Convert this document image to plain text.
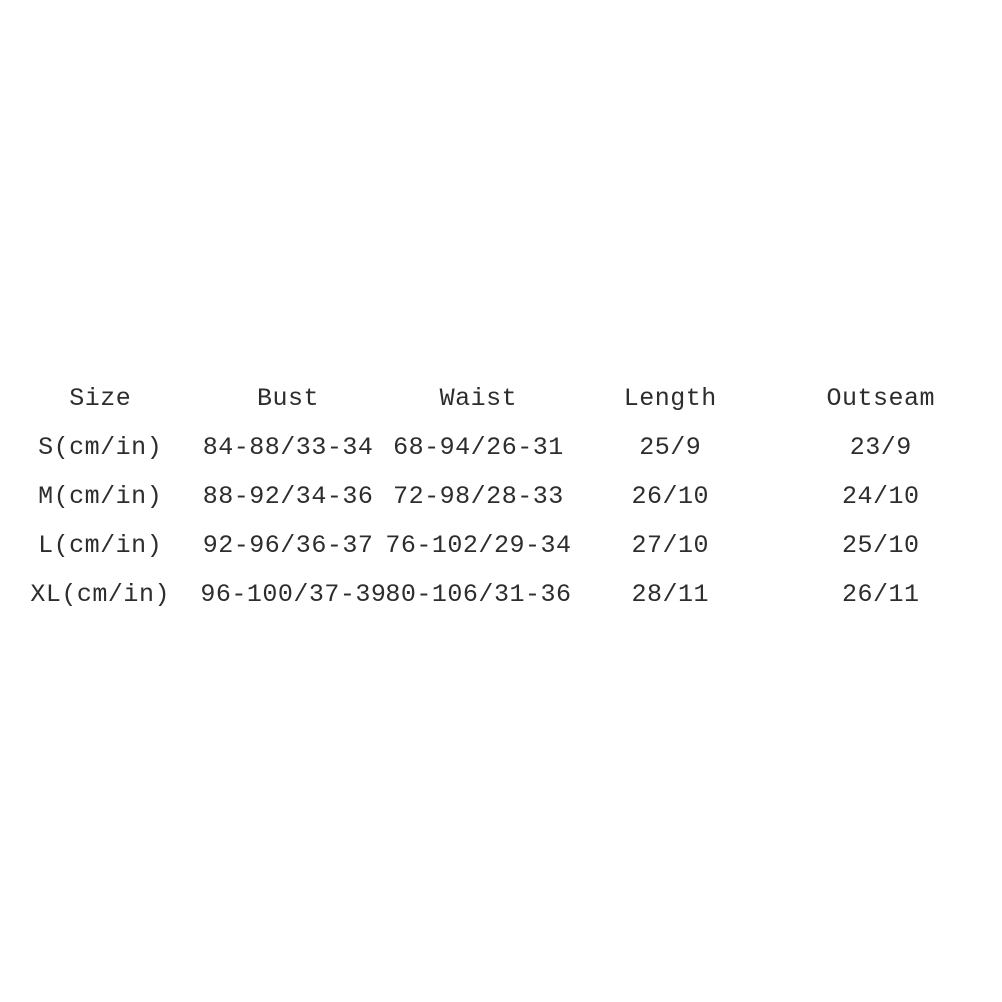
Size	Bust	Waist	Length	Outseam
S(cm/in)	84-88/33-34	68-94/26-31	25/9	23/9
M(cm/in)	88-92/34-36	72-98/28-33	26/10	24/10
L(cm/in)	92-96/36-37	76-102/29-34	27/10	25/10
XL(cm/in)	96-100/37-39	80-106/31-36	28/11	26/11
